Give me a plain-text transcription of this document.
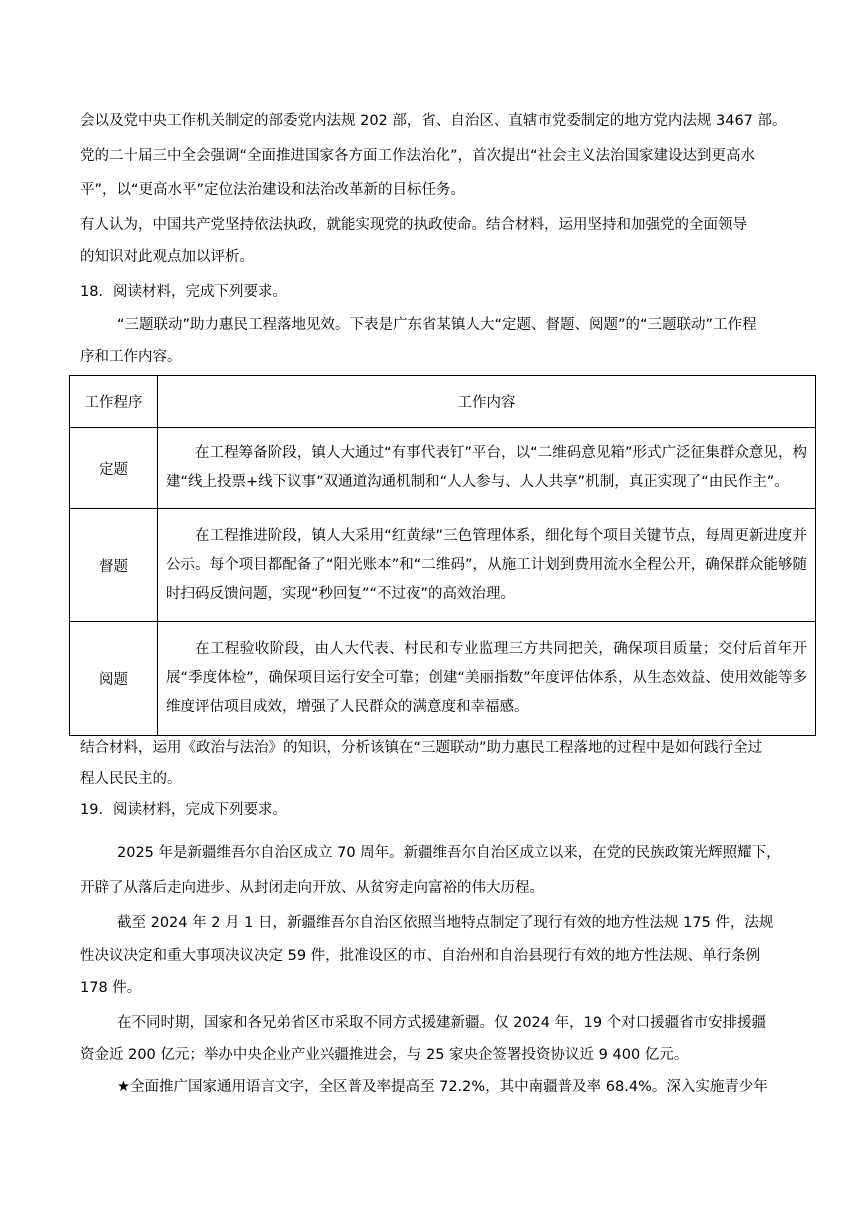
会以及党中央工作机关制定的部委党内法规 202 部，省、自治区、直辖市党委制定的地方党内法规 3467 部。
党的二十届三中全会强调“全面推进国家各方面工作法治化”，首次提出“社会主义法治国家建设达到更高水
平”，以“更高水平”定位法治建设和法治改革新的目标任务。
有人认为，中国共产党坚持依法执政，就能实现党的执政使命。结合材料，运用坚持和加强党的全面领导
的知识对此观点加以评析。
18．阅读材料，完成下列要求。
“三题联动”助力惠民工程落地见效。下表是广东省某镇人大“定题、督题、阅题”的“三题联动”工作程
序和工作内容。
工作程序	工作内容
定题	在工程筹备阶段，镇人大通过“有事代表钉”平台，以“二维码意见箱”形式广泛征集群众意见，构建“线上投票+线下议事”双通道沟通机制和“人人参与、人人共享”机制，真正实现了“由民作主”。

督题	在工程推进阶段，镇人大采用“红黄绿”三色管理体系，细化每个项目关键节点，每周更新进度并公示。每个项目都配备了“阳光账本”和“二维码”，从施工计划到费用流水全程公开，确保群众能够随时扫码反馈问题，实现“秒回复”“不过夜”的高效治理。

阅题	在工程验收阶段，由人大代表、村民和专业监理三方共同把关，确保项目质量；交付后首年开展“季度体检”，确保项目运行安全可靠；创建“美丽指数”年度评估体系，从生态效益、使用效能等多维度评估项目成效，增强了人民群众的满意度和幸福感。

结合材料，运用《政治与法治》的知识，分析该镇在“三题联动”助力惠民工程落地的过程中是如何践行全过
程人民民主的。
19．阅读材料，完成下列要求。
2025 年是新疆维吾尔自治区成立 70 周年。新疆维吾尔自治区成立以来，在党的民族政策光辉照耀下，
开辟了从落后走向进步、从封闭走向开放、从贫穷走向富裕的伟大历程。
截至 2024 年 2 月 1 日，新疆维吾尔自治区依照当地特点制定了现行有效的地方性法规 175 件，法规
性决议决定和重大事项决议决定 59 件，批准设区的市、自治州和自治县现行有效的地方性法规、单行条例
178 件。
在不同时期，国家和各兄弟省区市采取不同方式援建新疆。仅 2024 年，19 个对口援疆省市安排援疆
资金近 200 亿元；举办中央企业产业兴疆推进会，与 25 家央企签署投资协议近 9 400 亿元。
★全面推广国家通用语言文字，全区普及率提高至 72.2%，其中南疆普及率 68.4%。深入实施青少年
